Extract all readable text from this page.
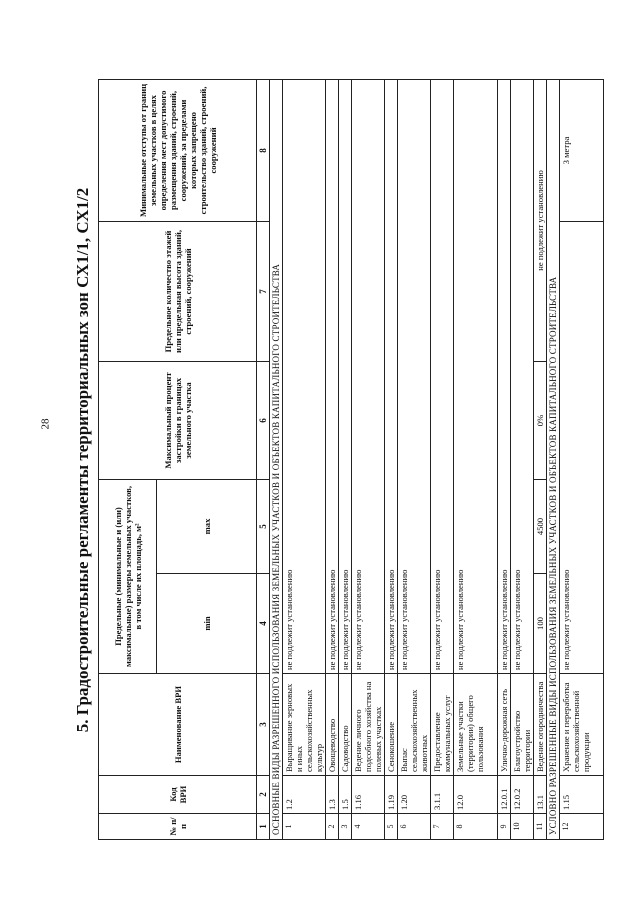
28 5. Градостроительные регламенты территориальных зон СХ1/1, СХ1/2
№ п/п	Код ВРИ	Наименование ВРИ	Предельные (минимальные и (или) максимальные) размеры земельных участков, в том числе их площадь, м²		Максимальный процент застройки в границах земельного участка	Предельное количество этажей или предельная высота зданий, строений, сооружений	Минимальные отступы от границ земельных участков в целях определения мест допустимого размещения зданий, строений, сооружений, за пределами которых запрещено строительство зданий, строений, сооружений
			min	max			
1	2	3	4	5	6	7	8
ОСНОВНЫЕ ВИДЫ РАЗРЕШЕННОГО ИСПОЛЬЗОВАНИЯ ЗЕМЕЛЬНЫХ УЧАСТКОВ И ОБЪЕКТОВ КАПИТАЛЬНОГО СТРОИТЕЛЬСТВА							
1	1.2	Выращивание зерновых и иных сельскохозяйственных культур	не подлежит установлению				
2	1.3	Овощеводство	не подлежит установлению				
3	1.5	Садоводство	не подлежит установлению				
4	1.16	Ведение личного подсобного хозяйства на полевых участках	не подлежит установлению				
5	1.19	Сенокошение	не подлежит установлению				
6	1.20	Выпас сельскохозяйственных животных	не подлежит установлению				
7	3.1.1	Предоставление коммунальных услуг	не подлежит установлению				
8	12.0	Земельные участки (территории) общего пользования	не подлежит установлению				
9	12.0.1	Улично-дорожная сеть	не подлежит установлению				
10	12.0.2	Благоустройство территории	не подлежит установлению				
11	13.1	Ведение огородничества	100	4500	0%	не подлежит установлению	
УСЛОВНО РАЗРЕШЕННЫЕ ВИДЫ ИСПОЛЬЗОВАНИЯ ЗЕМЕЛЬНЫХ УЧАСТКОВ И ОБЪЕКТОВ КАПИТАЛЬНОГО СТРОИТЕЛЬСТВА							
12	1.15	Хранение и переработка сельскохозяйственной продукции	не подлежит установлению				3 метра
